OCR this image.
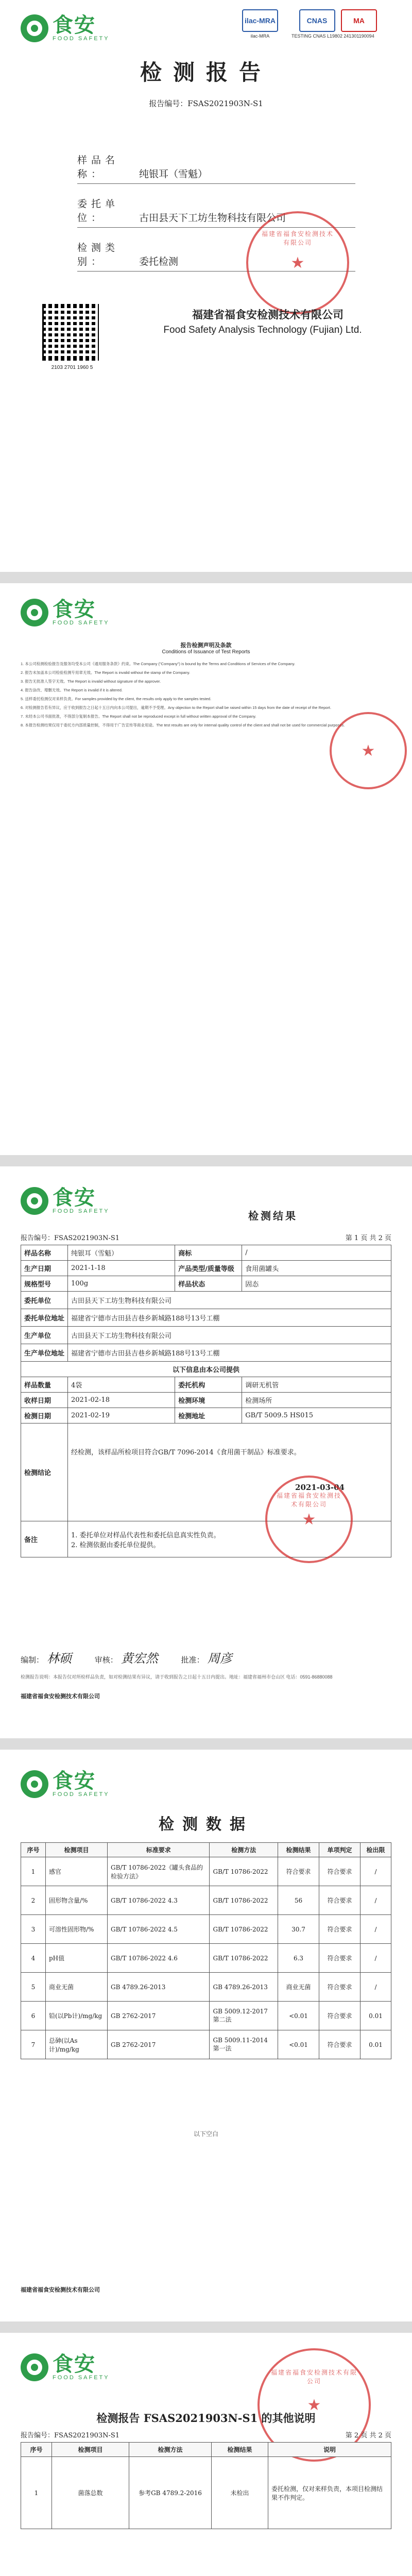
食安
FOOD SAFETY
ilac-MRA
ilac-MRA
CNAS
TESTING CNAS L19802
MA
241301190094
检测报告
报告编号：FSAS2021903N-S1
样品名称：	纯银耳（雪魁）
委托单位：	古田县天下工坊生物科技有限公司
检测类别：	委托检测
福建省福食安检测技术有限公司
★
2103 2701 1960 5
福建省福食安检测技术有限公司
Food Safety Analysis Technology (Fujian) Ltd.
食安
FOOD SAFETY
报告检测声明及条款
Conditions of Issuance of Test Reports

1. 本公司检测检验报告及服务均受本公司《通用服务条款》约束。The Company ("Company") is bound by the Terms and Conditions of Services of the Company.

2. 报告未加盖本公司检验检测专用章无效。The Report is invalid without the stamp of the Company.

3. 报告无批准人签字无效。The Report is invalid without signature of the approver.

4. 报告涂改、增删无效。The Report is invalid if it is altered.

5. 送样委托检测仅对来样负责。For samples provided by the client, the results only apply to the samples tested.

6. 对检测报告若有异议，应于收到报告之日起十五日内向本公司提出，逾期不予受理。Any objection to the Report shall be raised within 15 days from the date of receipt of the Report.

7. 未经本公司书面批准，不得部分复制本报告。The Report shall not be reproduced except in full without written approval of the Company.

8. 本报告检测结果仅用于委托方内部质量控制，不得用于广告宣传等商业用途。The test results are only for internal quality control of the client and shall not be used for commercial purposes.

★
食安
FOOD SAFETY
报告编号：FSAS2021903N-S1	第 1 页 共 2 页
检测结果
样品名称	纯银耳（雪魁）	商标	/
生产日期	2021-1-18	产品类型/质量等级	食用菌罐头
规格型号	100g	样品状态	固态
委托单位	古田县天下工坊生物科技有限公司		
委托单位地址	福建省宁德市古田县吉巷乡新城路188号13号工棚		
生产单位	古田县天下工坊生物科技有限公司		
生产单位地址	福建省宁德市古田县吉巷乡新城路188号13号工棚		
以下信息由本公司提供			
样品数量	4袋	委托机构	调研无机管
收样日期	2021-02-18	检测环境	检测场所
检测日期	2021-02-19	检测地址	GB/T 5009.5 HS015
检测结论	经检测，该样品所检项目符合GB/T 7096-2014《食用菌干制品》标准要求。
2021-03-04		

备注	1. 委托单位对样品代表性和委托信息真实性负责。
2. 检测依据由委托单位提供。		
福建省福食安检测技术有限公司
★
编制： 林硕	审核： 黄宏然	批准： 周彦
检测报告说明：本报告仅对所检样品负责，如对检测结果有异议，请于收到报告之日起十五日内提出。地址：福建省福州市仓山区 电话：0591-86880088
福建省福食安检测技术有限公司
食安
FOOD SAFETY
检测数据
序号	检测项目	标准要求	检测方法	检测结果	单项判定	检出限
1	感官	GB/T 10786-2022《罐头食品的检验方法》	GB/T 10786-2022	符合要求	符合要求	/
2	固形物含量/%	GB/T 10786-2022 4.3	GB/T 10786-2022	56	符合要求	/
3	可溶性固形物/%	GB/T 10786-2022 4.5	GB/T 10786-2022	30.7	符合要求	/
4	pH值	GB/T 10786-2022 4.6	GB/T 10786-2022	6.3	符合要求	/
5	商业无菌	GB 4789.26-2013	GB 4789.26-2013	商业无菌	符合要求	/
6	铅(以Pb计)/mg/kg	GB 2762-2017	GB 5009.12-2017 第二法	<0.01	符合要求	0.01
7	总砷(以As计)/mg/kg	GB 2762-2017	GB 5009.11-2014 第一法	<0.01	符合要求	0.01
以下空白
福建省福食安检测技术有限公司
食安
FOOD SAFETY
福建省福食安检测技术有限公司
★
检测报告 FSAS2021903N-S1 的其他说明
报告编号：FSAS2021903N-S1	第 2 页 共 2 页
序号	检测项目	检测方法	检测结果	说明
1	菌落总数	参考GB 4789.2-2016	未检出	委托检测，仅对来样负责，本项目检测结果不作判定。
